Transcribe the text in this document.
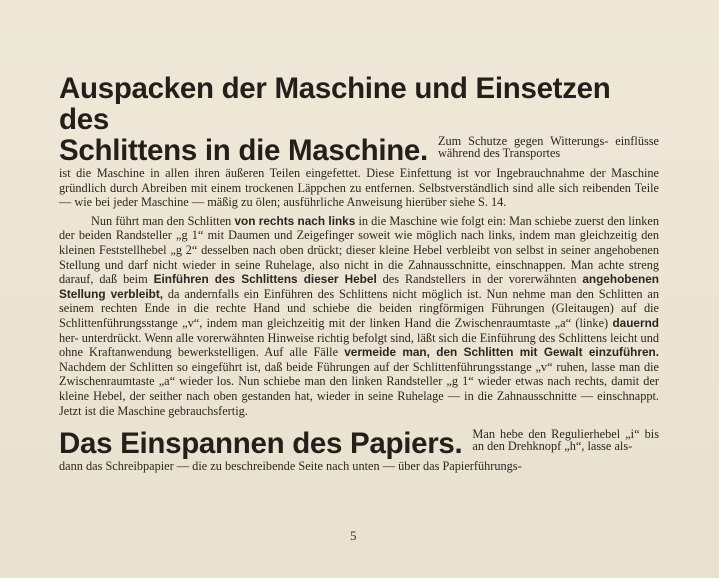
Auspacken der Maschine und Einsetzen des
Schlittens in die Maschine. Zum Schutze gegen Witterungs- einflüsse während des Transportes

ist die Maschine in allen ihren äußeren Teilen eingefettet. Diese Einfettung ist vor Ingebrauchnahme der Maschine gründlich durch Abreiben mit einem trockenen Läppchen zu entfernen. Selbstverständlich sind alle sich reibenden Teile — wie bei jeder Maschine — mäßig zu ölen; ausführliche Anweisung hierüber siehe S. 14.

Nun führt man den Schlitten von rechts nach links in die Maschine wie folgt ein: Man schiebe zuerst den linken der beiden Randsteller „g 1“ mit Daumen und Zeigefinger soweit wie möglich nach links, indem man gleichzeitig den kleinen Feststellhebel „g 2“ desselben nach oben drückt; dieser kleine Hebel verbleibt von selbst in seiner angehobenen Stellung und darf nicht wieder in seine Ruhelage, also nicht in die Zahnausschnitte, einschnappen. Man achte streng darauf, daß beim Einführen des Schlittens dieser Hebel des Randstellers in der vorerwähnten angehobenen Stellung verbleibt, da andernfalls ein Einführen des Schlittens nicht möglich ist. Nun nehme man den Schlitten an seinem rechten Ende in die rechte Hand und schiebe die beiden ringförmigen Führungen (Gleitaugen) auf die Schlittenführungsstange „v“, indem man gleichzeitig mit der linken Hand die Zwischenraumtaste „a“ (linke) dauernd her- unterdrückt. Wenn alle vorerwähnten Hinweise richtig befolgt sind, läßt sich die Einführung des Schlittens leicht und ohne Kraftanwendung bewerkstelligen. Auf alle Fälle vermeide man, den Schlitten mit Gewalt einzuführen. Nachdem der Schlitten so eingeführt ist, daß beide Führungen auf der Schlittenführungsstange „v“ ruhen, lasse man die Zwischenraumtaste „a“ wieder los. Nun schiebe man den linken Randsteller „g 1“ wieder etwas nach rechts, damit der kleine Hebel, der seither nach oben gestanden hat, wieder in seine Ruhelage — in die Zahnausschnitte — einschnappt. Jetzt ist die Maschine gebrauchsfertig.

Das Einspannen des Papiers. Man hebe den Regulierhebel „i“ bis an den Drehknopf „h“, lasse als-

dann das Schreibpapier — die zu beschreibende Seite nach unten — über das Papierführungs-

5
